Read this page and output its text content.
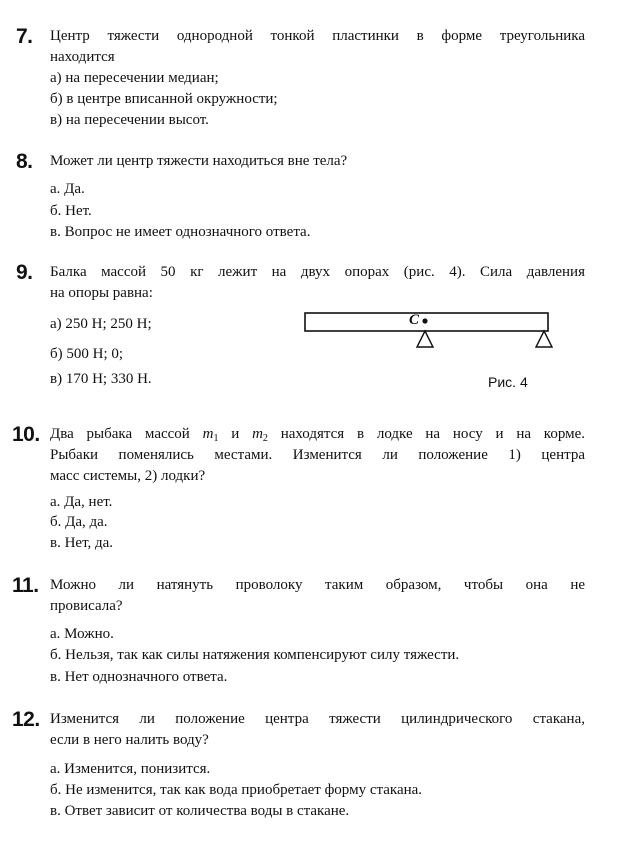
7. Центр тяжести однородной тонкой пластинки в форме треугольника
находится
а) на пересечении медиан;
б) в центре вписанной окружности;
в) на пересечении высот.
8. Может ли центр тяжести находиться вне тела?
а. Да.
б. Нет.
в. Вопрос не имеет однозначного ответа.
9. Балка массой 50 кг лежит на двух опорах (рис. 4). Сила давления
на опоры равна:
а) 250 Н; 250 Н;
б) 500 Н; 0;
в) 170 Н; 330 Н.
C
Рис. 4
10. Два рыбака массой $m_1$ и $m_2$ находятся в лодке на носу и на корме.
Рыбаки поменялись местами. Изменится ли положение 1) центра
масс системы, 2) лодки?
а. Да, нет.
б. Да, да.
в. Нет, да.
11. Можно ли натянуть проволоку таким образом, чтобы она не
провисала?
а. Можно.
б. Нельзя, так как силы натяжения компенсируют силу тяжести.
в. Нет однозначного ответа.
12. Изменится ли положение центра тяжести цилиндрического стакана,
если в него налить воду?
а. Изменится, понизится.
б. Не изменится, так как вода приобретает форму стакана.
в. Ответ зависит от количества воды в стакане.
